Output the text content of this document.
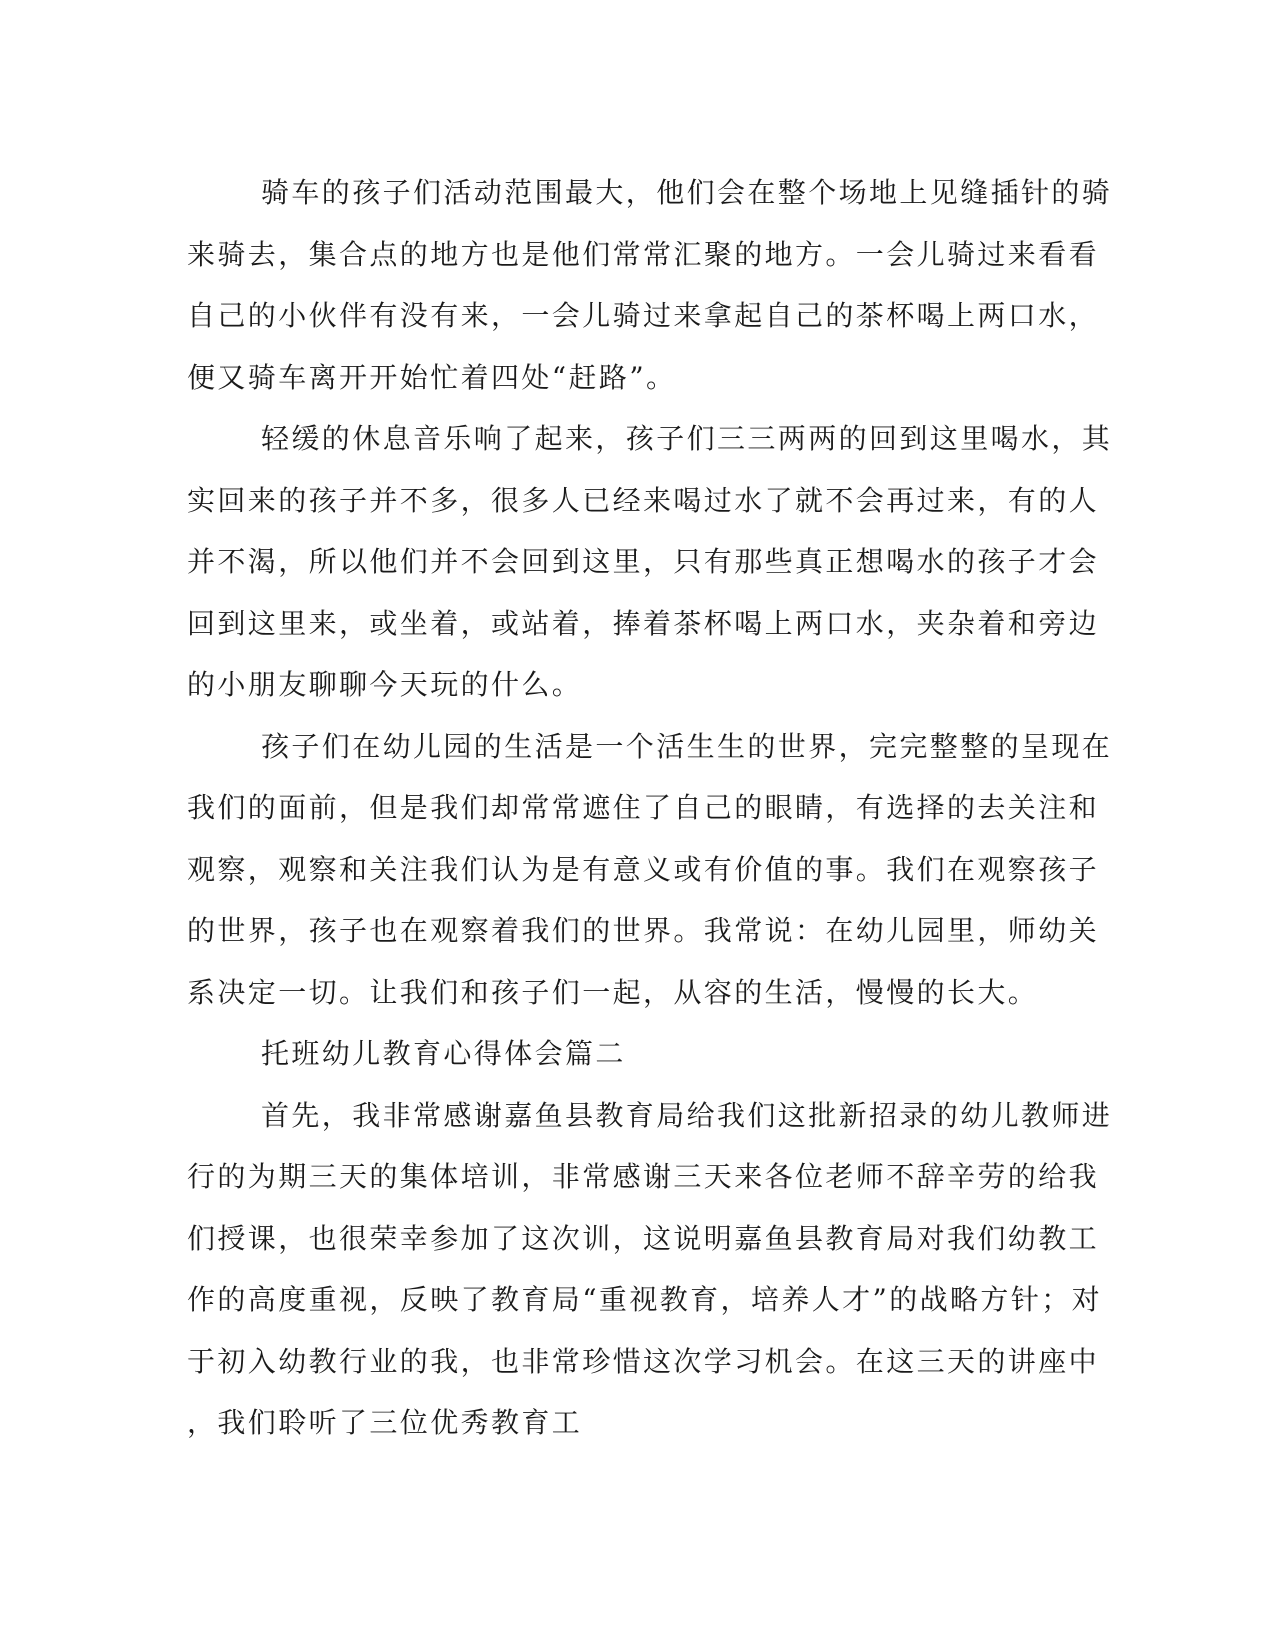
骑车的孩子们活动范围最大，他们会在整个场地上见缝插针的骑
来骑去，集合点的地方也是他们常常汇聚的地方。一会儿骑过来看看
自己的小伙伴有没有来，一会儿骑过来拿起自己的茶杯喝上两口水，
便又骑车离开开始忙着四处“赶路”。
轻缓的休息音乐响了起来，孩子们三三两两的回到这里喝水，其
实回来的孩子并不多，很多人已经来喝过水了就不会再过来，有的人
并不渴，所以他们并不会回到这里，只有那些真正想喝水的孩子才会
回到这里来，或坐着，或站着，捧着茶杯喝上两口水，夹杂着和旁边
的小朋友聊聊今天玩的什么。
孩子们在幼儿园的生活是一个活生生的世界，完完整整的呈现在
我们的面前，但是我们却常常遮住了自己的眼睛，有选择的去关注和
观察，观察和关注我们认为是有意义或有价值的事。我们在观察孩子
的世界，孩子也在观察着我们的世界。我常说：在幼儿园里，师幼关
系决定一切。让我们和孩子们一起，从容的生活，慢慢的长大。
托班幼儿教育心得体会篇二
首先，我非常感谢嘉鱼县教育局给我们这批新招录的幼儿教师进
行的为期三天的集体培训，非常感谢三天来各位老师不辞辛劳的给我
们授课，也很荣幸参加了这次训，这说明嘉鱼县教育局对我们幼教工
作的高度重视，反映了教育局“重视教育，培养人才”的战略方针；对
于初入幼教行业的我，也非常珍惜这次学习机会。在这三天的讲座中
，我们聆听了三位优秀教育工
